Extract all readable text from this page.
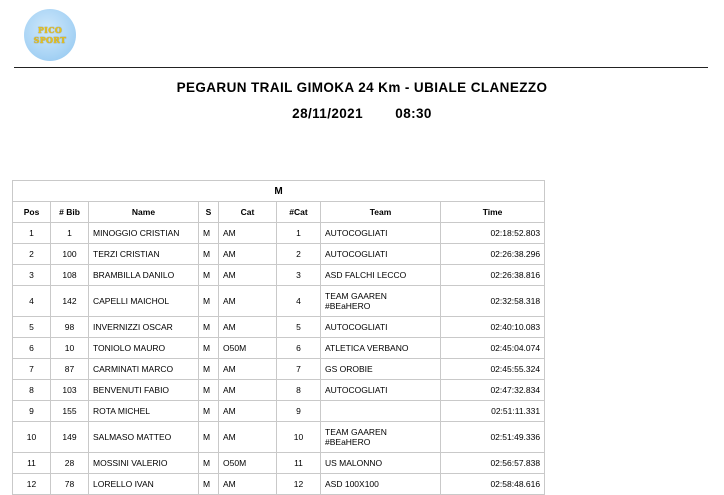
PICO
SPORT
PEGARUN TRAIL GIMOKA 24 Km - UBIALE CLANEZZO
28/11/2021 08:30
M							
Pos	# Bib	Name	S	Cat	#Cat	Team	Time
1	1	MINOGGIO CRISTIAN	M	AM	1	AUTOCOGLIATI	02:18:52.803
2	100	TERZI CRISTIAN	M	AM	2	AUTOCOGLIATI	02:26:38.296
3	108	BRAMBILLA DANILO	M	AM	3	ASD FALCHI LECCO	02:26:38.816
4	142	CAPELLI MAICHOL	M	AM	4	TEAM GAAREN
#BEaHERO	02:32:58.318
5	98	INVERNIZZI OSCAR	M	AM	5	AUTOCOGLIATI	02:40:10.083
6	10	TONIOLO MAURO	M	O50M	6	ATLETICA VERBANO	02:45:04.074
7	87	CARMINATI MARCO	M	AM	7	GS OROBIE	02:45:55.324
8	103	BENVENUTI FABIO	M	AM	8	AUTOCOGLIATI	02:47:32.834
9	155	ROTA MICHEL	M	AM	9		02:51:11.331
10	149	SALMASO MATTEO	M	AM	10	TEAM GAAREN
#BEaHERO	02:51:49.336
11	28	MOSSINI VALERIO	M	O50M	11	US MALONNO	02:56:57.838
12	78	LORELLO IVAN	M	AM	12	ASD 100X100	02:58:48.616
